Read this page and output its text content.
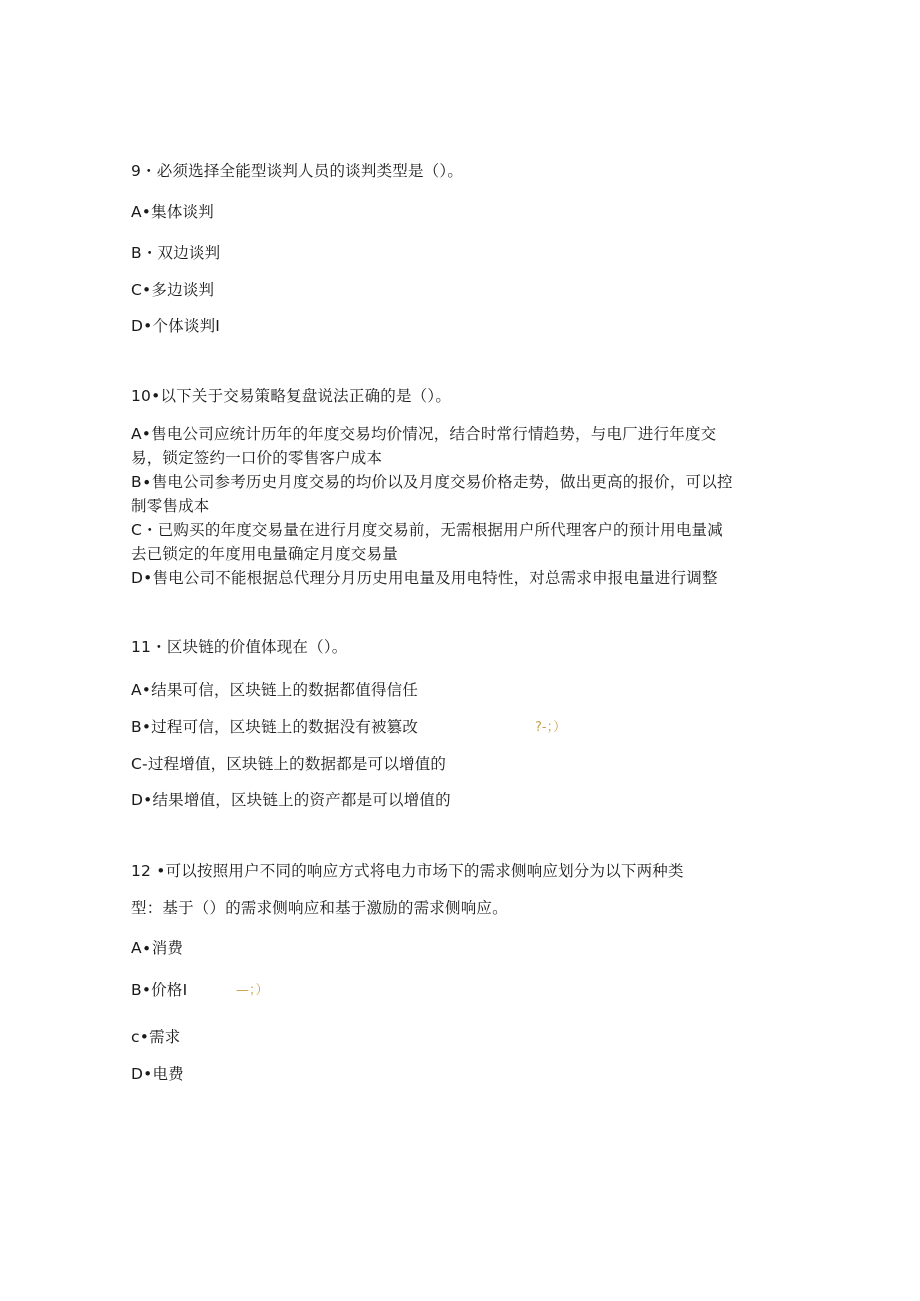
9・必须选择全能型谈判人员的谈判类型是（）。
A•集体谈判
B・双边谈判
C•多边谈判
D•个体谈判I
10•以下关于交易策略复盘说法正确的是（）。
A•售电公司应统计历年的年度交易均价情况，结合时常行情趋势，与电厂进行年度交
易，锁定签约一口价的零售客户成本
B∙售电公司参考历史月度交易的均价以及月度交易价格走势，做出更高的报价，可以控
制零售成本
C・已购买的年度交易量在进行月度交易前，无需根据用户所代理客户的预计用电量减
去已锁定的年度用电量确定月度交易量
D•售电公司不能根据总代理分月历史用电量及用电特性，对总需求申报电量进行调整
11・区块链的价值体现在（）。
A•结果可信，区块链上的数据都值得信任
B•过程可信，区块链上的数据没有被篡改	?-；）
C-过程增值，区块链上的数据都是可以增值的
D•结果增值，区块链上的资产都是可以增值的
12 •可以按照用户不同的响应方式将电力市场下的需求侧响应划分为以下两种类
型：基于（）的需求侧响应和基于激励的需求侧响应。
A∙消费
B•价格I	—；）
c•需求
D•电费
